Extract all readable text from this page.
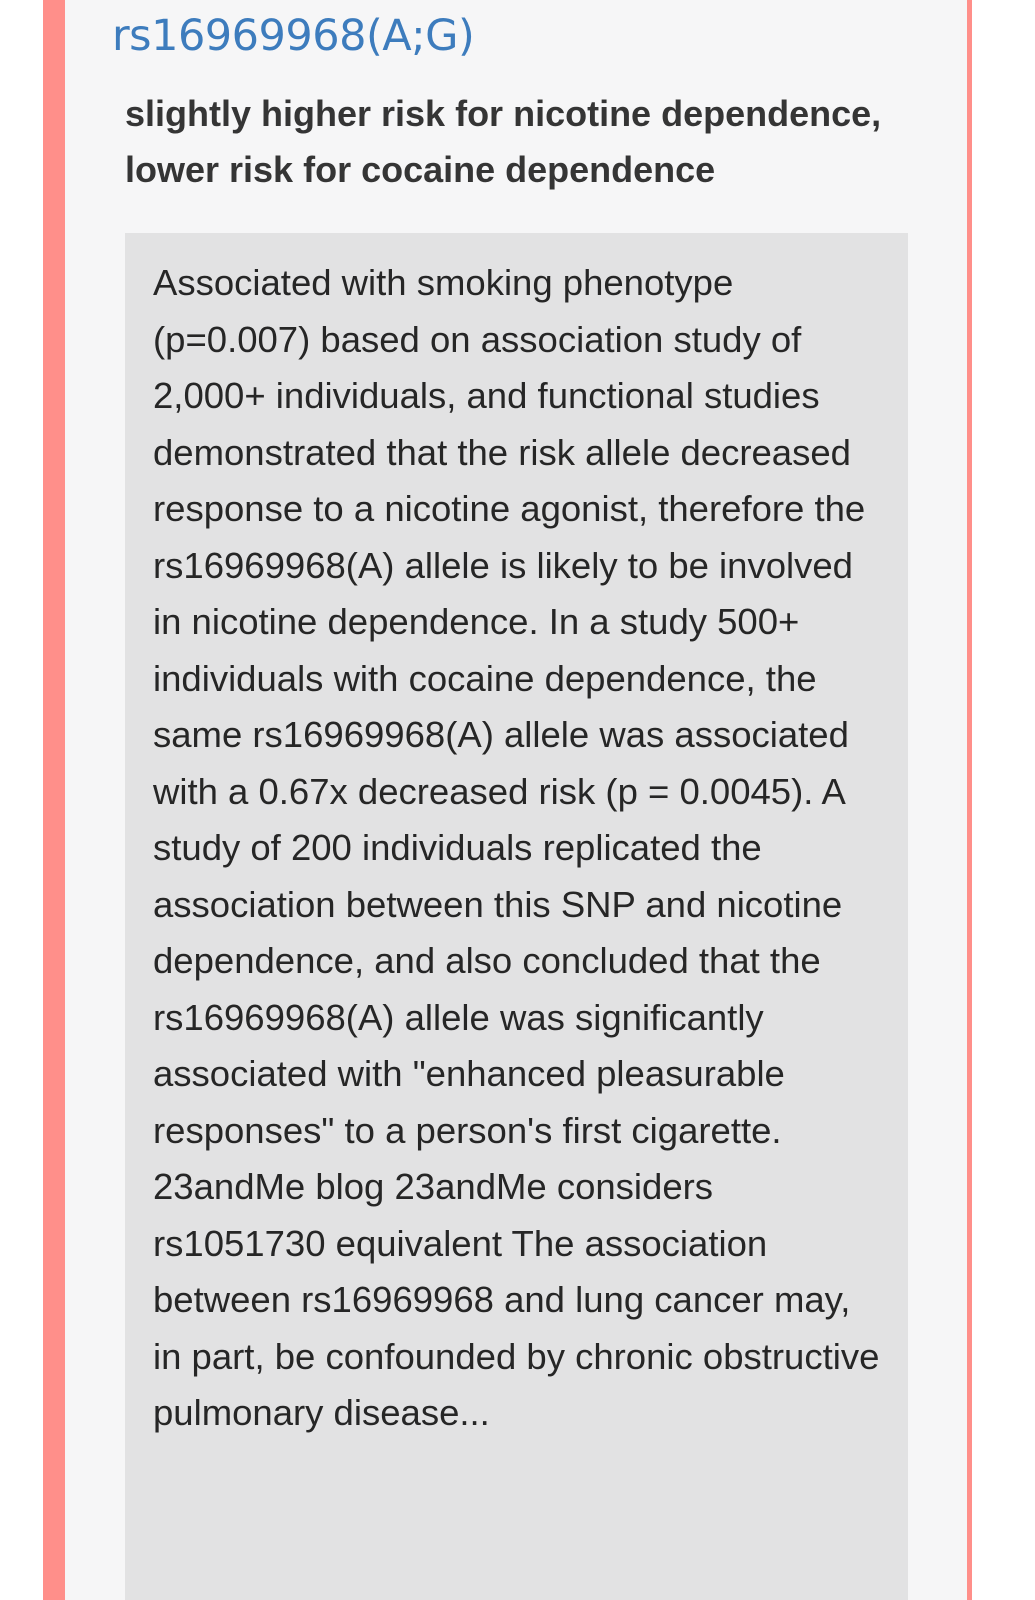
rs16969968(A;G)

slightly higher risk for nicotine dependence, lower risk for cocaine dependence

Associated with smoking phenotype (p=0.007) based on association study of 2,000+ individuals, and functional studies demonstrated that the risk allele decreased response to a nicotine agonist, therefore the rs16969968(A) allele is likely to be involved in nicotine dependence. In a study 500+ individuals with cocaine dependence, the same rs16969968(A) allele was associated with a 0.67x decreased risk (p = 0.0045). A study of 200 individuals replicated the association between this SNP and nicotine dependence, and also concluded that the rs16969968(A) allele was significantly associated with "enhanced pleasurable responses" to a person's first cigarette. 23andMe blog 23andMe considers rs1051730 equivalent The association between rs16969968 and lung cancer may, in part, be confounded by chronic obstructive pulmonary disease...
